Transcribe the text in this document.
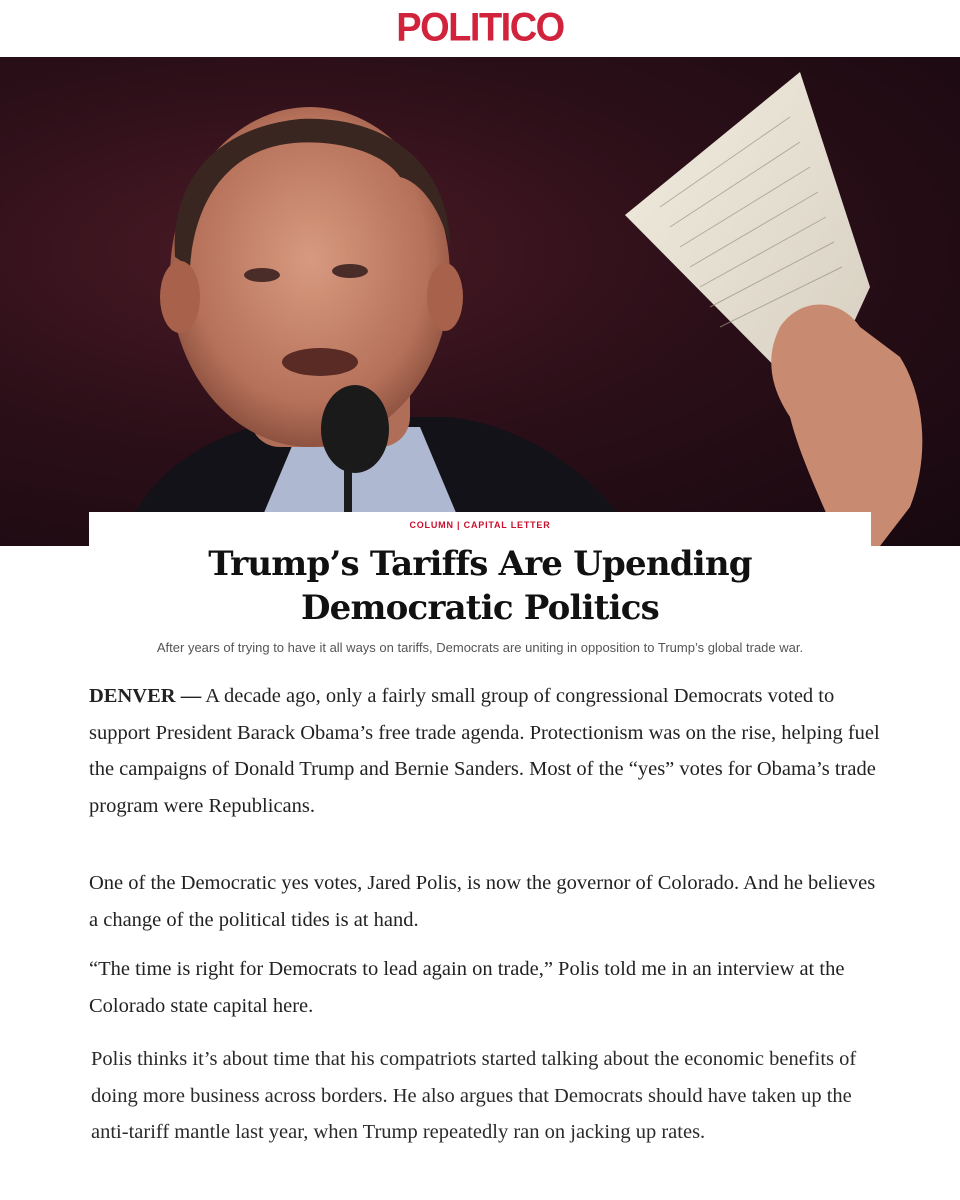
POLITICO
COLUMN | CAPITAL LETTER
Trump’s Tariffs Are Upending
Democratic Politics
After years of trying to have it all ways on tariffs, Democrats are uniting in opposition to Trump’s global trade war.

DENVER — A decade ago, only a fairly small group of congressional Democrats voted to support President Barack Obama’s free trade agenda. Protectionism was on the rise, helping fuel the campaigns of Donald Trump and Bernie Sanders. Most of the “yes” votes for Obama’s trade program were Republicans.

One of the Democratic yes votes, Jared Polis, is now the governor of Colorado. And he believes a change of the political tides is at hand.

“The time is right for Democrats to lead again on trade,” Polis told me in an interview at the Colorado state capital here.

Polis thinks it’s about time that his compatriots started talking about the economic benefits of doing more business across borders. He also argues that Democrats should have taken up the anti-tariff mantle last year, when Trump repeatedly ran on jacking up rates.
